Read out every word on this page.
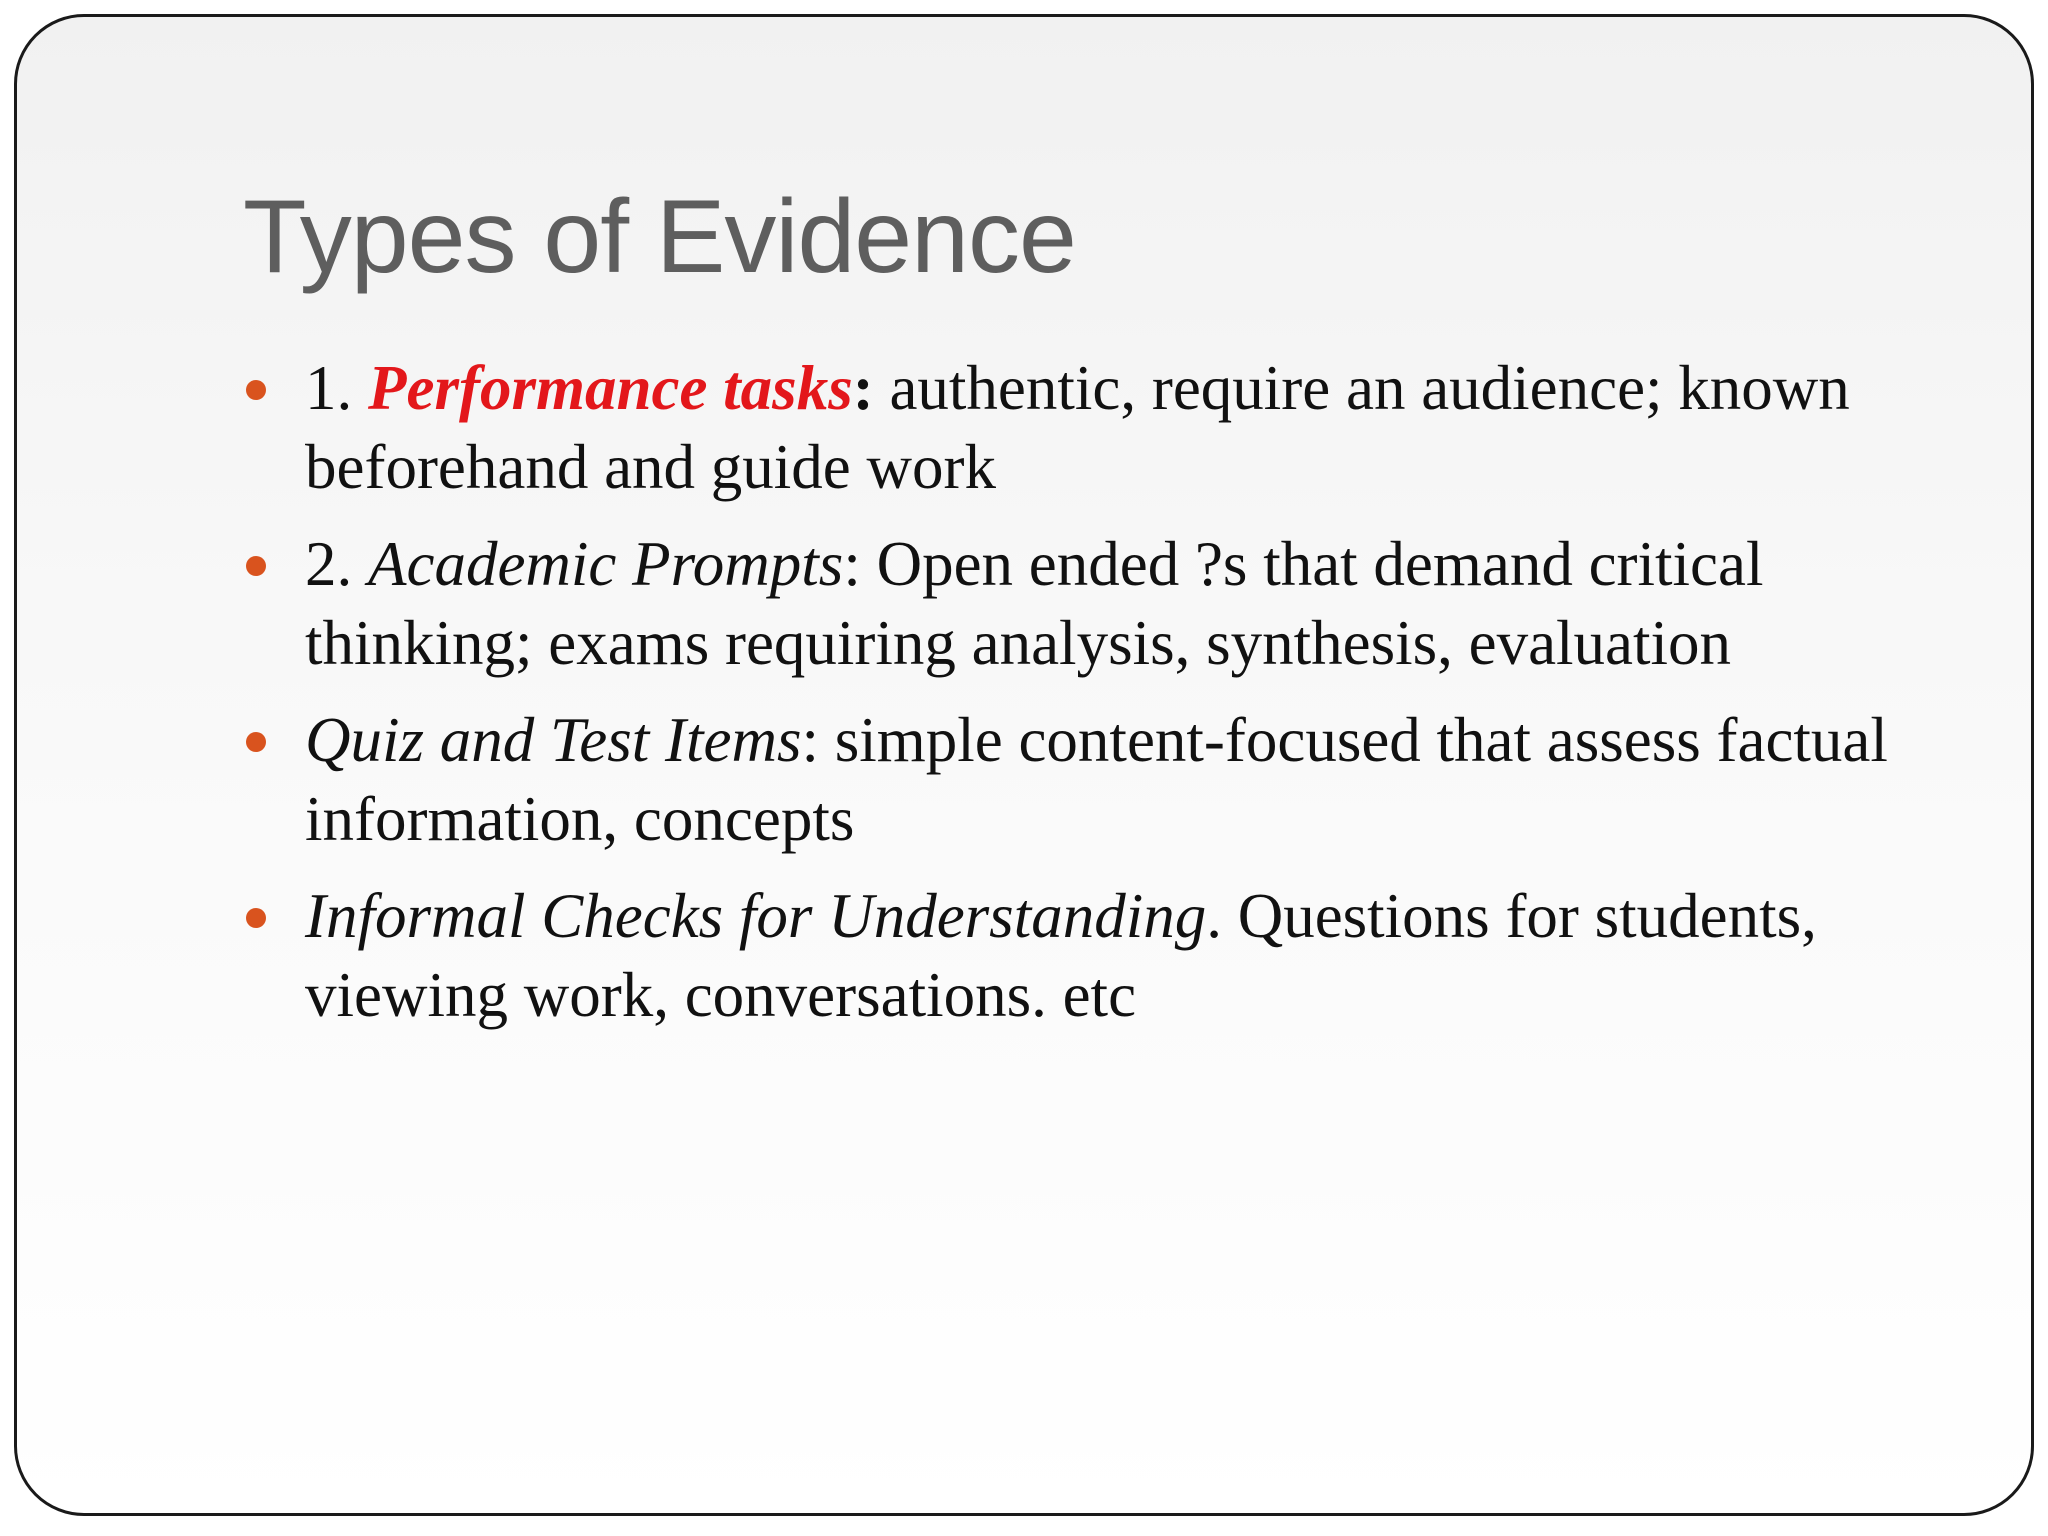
Types of Evidence
1. Performance tasks: authentic, require an audience; known beforehand and guide work
2. Academic Prompts: Open ended ?s that demand critical thinking; exams requiring analysis, synthesis, evaluation
Quiz and Test Items: simple content-focused that assess factual information, concepts
Informal Checks for Understanding. Questions for students, viewing work, conversations. etc
